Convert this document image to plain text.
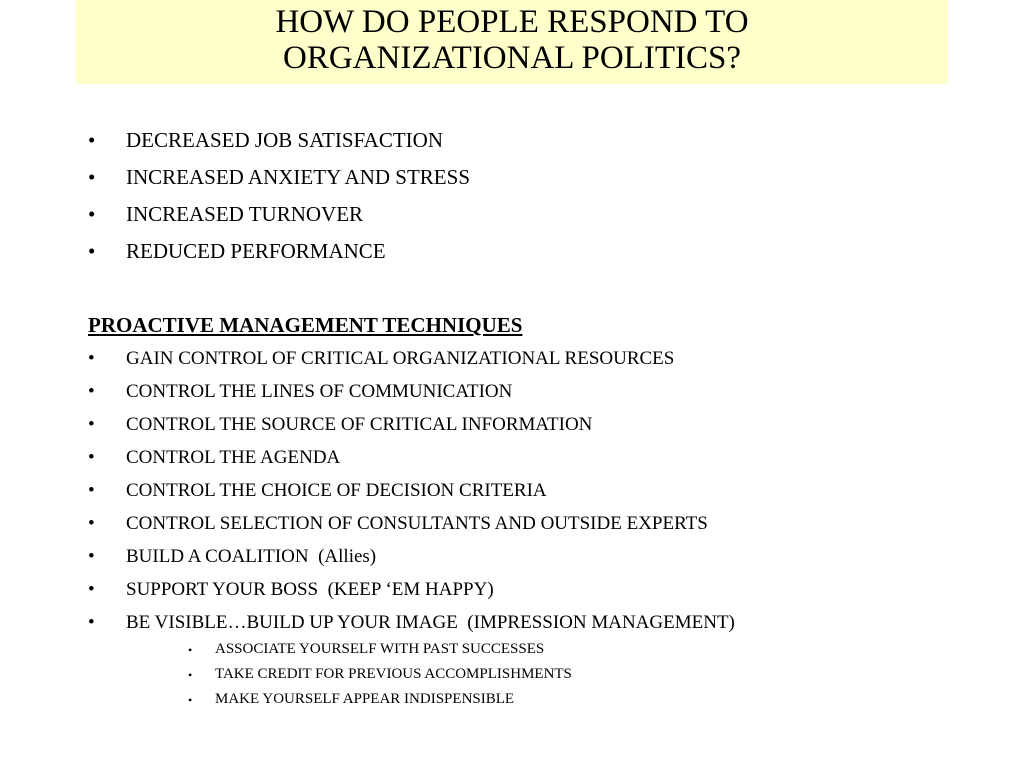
HOW DO PEOPLE RESPOND TO
ORGANIZATIONAL POLITICS?
• DECREASED JOB SATISFACTION
• INCREASED ANXIETY AND STRESS
• INCREASED TURNOVER
• REDUCED PERFORMANCE
PROACTIVE MANAGEMENT TECHNIQUES
• GAIN CONTROL OF CRITICAL ORGANIZATIONAL RESOURCES
• CONTROL THE LINES OF COMMUNICATION
• CONTROL THE SOURCE OF CRITICAL INFORMATION
• CONTROL THE AGENDA
• CONTROL THE CHOICE OF DECISION CRITERIA
• CONTROL SELECTION OF CONSULTANTS AND OUTSIDE EXPERTS
• BUILD A COALITION  (Allies)
• SUPPORT YOUR BOSS  (KEEP ‘EM HAPPY)
• BE VISIBLE…BUILD UP YOUR IMAGE  (IMPRESSION MANAGEMENT)
• ASSOCIATE YOURSELF WITH PAST SUCCESSES
• TAKE CREDIT FOR PREVIOUS ACCOMPLISHMENTS
• MAKE YOURSELF APPEAR INDISPENSIBLE
